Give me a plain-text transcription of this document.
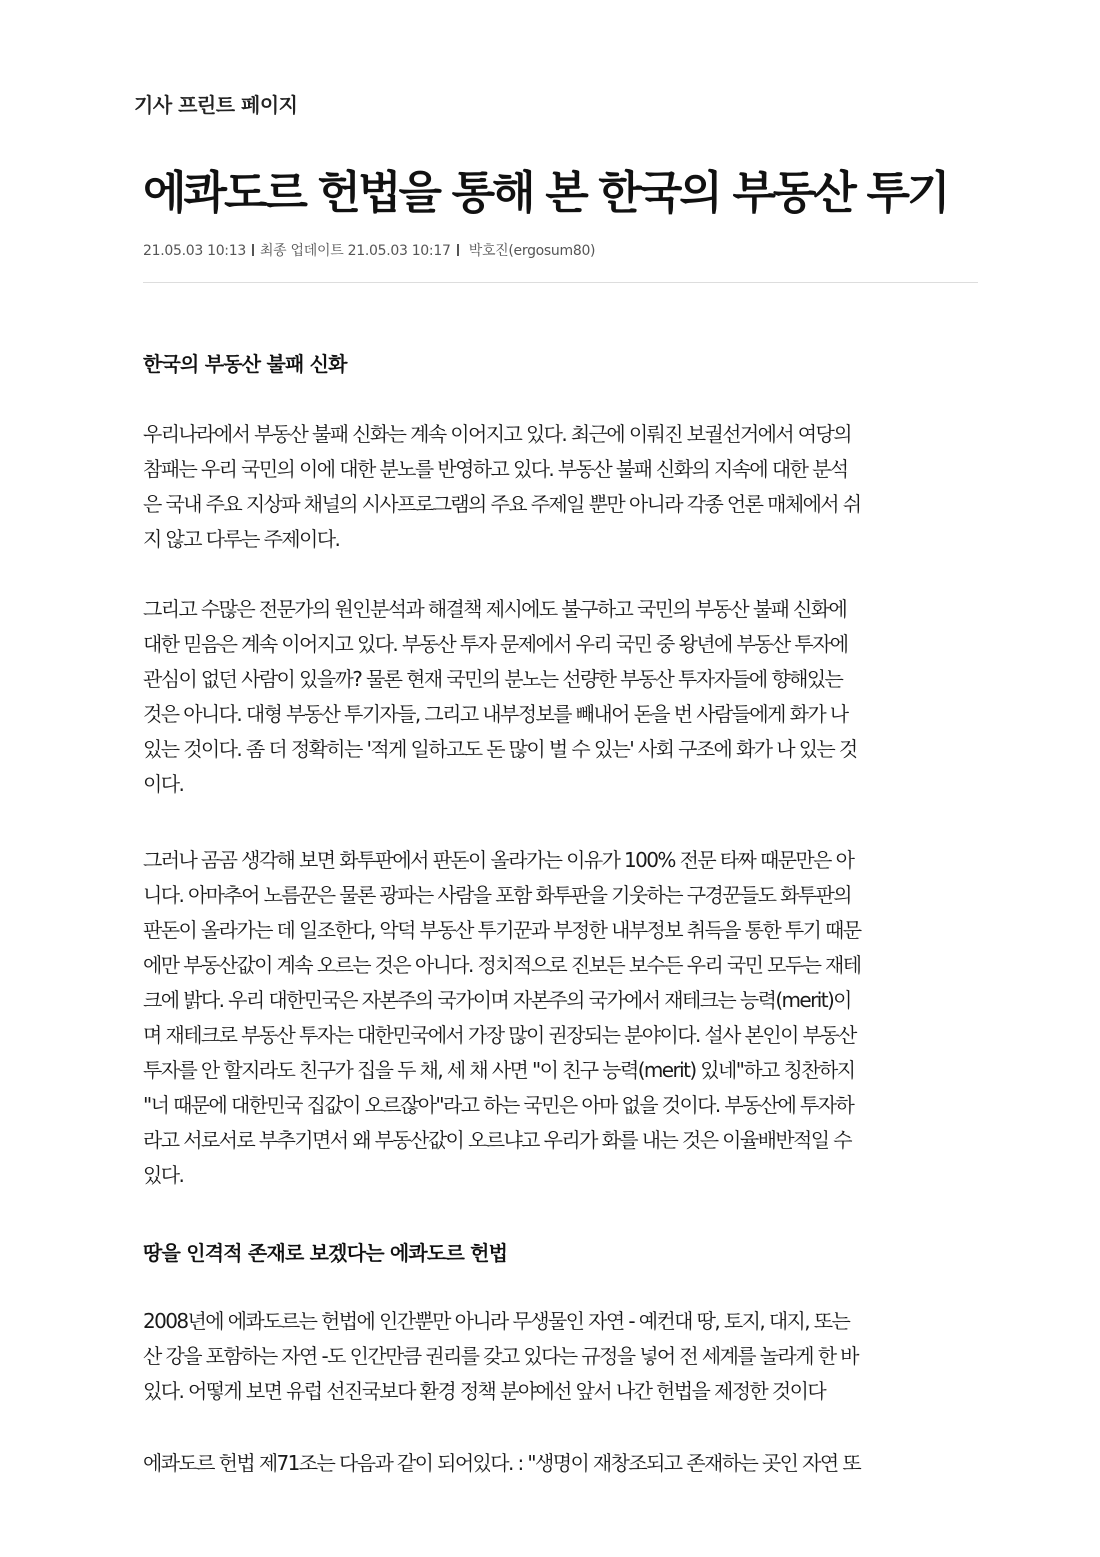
기사 프린트 페이지
에콰도르 헌법을 통해 본 한국의 부동산 투기
21.05.03 10:13 최종 업데이트 21.05.03 10:17 박호진(ergosum80)
한국의 부동산 불패 신화
우리나라에서 부동산 불패 신화는 계속 이어지고 있다. 최근에 이뤄진 보궐선거에서 여당의
참패는 우리 국민의 이에 대한 분노를 반영하고 있다. 부동산 불패 신화의 지속에 대한 분석
은 국내 주요 지상파 채널의 시사프로그램의 주요 주제일 뿐만 아니라 각종 언론 매체에서 쉬
지 않고 다루는 주제이다.
그리고 수많은 전문가의 원인분석과 해결책 제시에도 불구하고 국민의 부동산 불패 신화에
대한 믿음은 계속 이어지고 있다. 부동산 투자 문제에서 우리 국민 중 왕년에 부동산 투자에
관심이 없던 사람이 있을까? 물론 현재 국민의 분노는 선량한 부동산 투자자들에 향해있는
것은 아니다. 대형 부동산 투기자들, 그리고 내부정보를 빼내어 돈을 번 사람들에게 화가 나
있는 것이다. 좀 더 정확히는 '적게 일하고도 돈 많이 벌 수 있는' 사회 구조에 화가 나 있는 것
이다.
그러나 곰곰 생각해 보면 화투판에서 판돈이 올라가는 이유가 100% 전문 타짜 때문만은 아
니다. 아마추어 노름꾼은 물론 광파는 사람을 포함 화투판을 기웃하는 구경꾼들도 화투판의
판돈이 올라가는 데 일조한다, 악덕 부동산 투기꾼과 부정한 내부정보 취득을 통한 투기 때문
에만 부동산값이 계속 오르는 것은 아니다. 정치적으로 진보든 보수든 우리 국민 모두는 재테
크에 밝다. 우리 대한민국은 자본주의 국가이며 자본주의 국가에서 재테크는 능력(merit)이
며 재테크로 부동산 투자는 대한민국에서 가장 많이 권장되는 분야이다. 설사 본인이 부동산
투자를 안 할지라도 친구가 집을 두 채, 세 채 사면 "이 친구 능력(merit) 있네"하고 칭찬하지
"너 때문에 대한민국 집값이 오르잖아"라고 하는 국민은 아마 없을 것이다. 부동산에 투자하
라고 서로서로 부추기면서 왜 부동산값이 오르냐고 우리가 화를 내는 것은 이율배반적일 수
있다.
땅을 인격적 존재로 보겠다는 에콰도르 헌법
2008년에 에콰도르는 헌법에 인간뿐만 아니라 무생물인 자연 - 예컨대 땅, 토지, 대지, 또는
산 강을 포함하는 자연 -도 인간만큼 권리를 갖고 있다는 규정을 넣어 전 세계를 놀라게 한 바
있다. 어떻게 보면 유럽 선진국보다 환경 정책 분야에선 앞서 나간 헌법을 제정한 것이다
에콰도르 헌법 제71조는 다음과 같이 되어있다. : "생명이 재창조되고 존재하는 곳인 자연 또
